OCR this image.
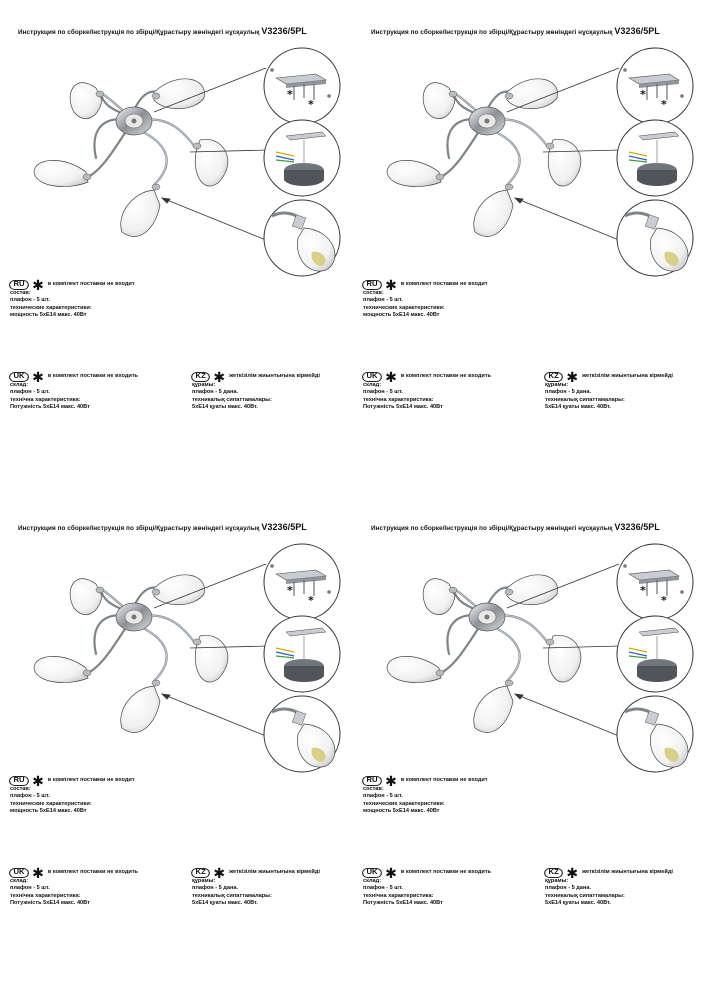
Инструкция по сборке/Інструкція по збірці/Құрастыру жөніндегі нұсқаулық V3236/5PL
*
*
RU ✱ в комплект поставки не входит
состав:
плафон - 5 шт.
технические характеристики:
мощность 5xE14 макс. 40Вт
UK ✱ в комплект поставки не входить
склад:
плафон - 5 шт.
технічна характеристика:
Потужність 5xE14 макс. 40Вт
KZ ✱ жеткізілім жиынтығына кірмейді
құрамы:
плафон - 5 дана.
техникалық сипаттамалары:
5xE14 қуаты макс. 40Вт.
Инструкция по сборке/Інструкція по збірці/Құрастыру жөніндегі нұсқаулық V3236/5PL
*
*
RU ✱ в комплект поставки не входит
состав:
плафон - 5 шт.
технические характеристики:
мощность 5xE14 макс. 40Вт
UK ✱ в комплект поставки не входить
склад:
плафон - 5 шт.
технічна характеристика:
Потужність 5xE14 макс. 40Вт
KZ ✱ жеткізілім жиынтығына кірмейді
құрамы:
плафон - 5 дана.
техникалық сипаттамалары:
5xE14 қуаты макс. 40Вт.
Инструкция по сборке/Інструкція по збірці/Құрастыру жөніндегі нұсқаулық V3236/5PL
*
*
RU ✱ в комплект поставки не входит
состав:
плафон - 5 шт.
технические характеристики:
мощность 5xE14 макс. 40Вт
UK ✱ в комплект поставки не входить
склад:
плафон - 5 шт.
технічна характеристика:
Потужність 5xE14 макс. 40Вт
KZ ✱ жеткізілім жиынтығына кірмейді
құрамы:
плафон - 5 дана.
техникалық сипаттамалары:
5xE14 қуаты макс. 40Вт.
Инструкция по сборке/Інструкція по збірці/Құрастыру жөніндегі нұсқаулық V3236/5PL
*
*
RU ✱ в комплект поставки не входит
состав:
плафон - 5 шт.
технические характеристики:
мощность 5xE14 макс. 40Вт
UK ✱ в комплект поставки не входить
склад:
плафон - 5 шт.
технічна характеристика:
Потужність 5xE14 макс. 40Вт
KZ ✱ жеткізілім жиынтығына кірмейді
құрамы:
плафон - 5 дана.
техникалық сипаттамалары:
5xE14 қуаты макс. 40Вт.
